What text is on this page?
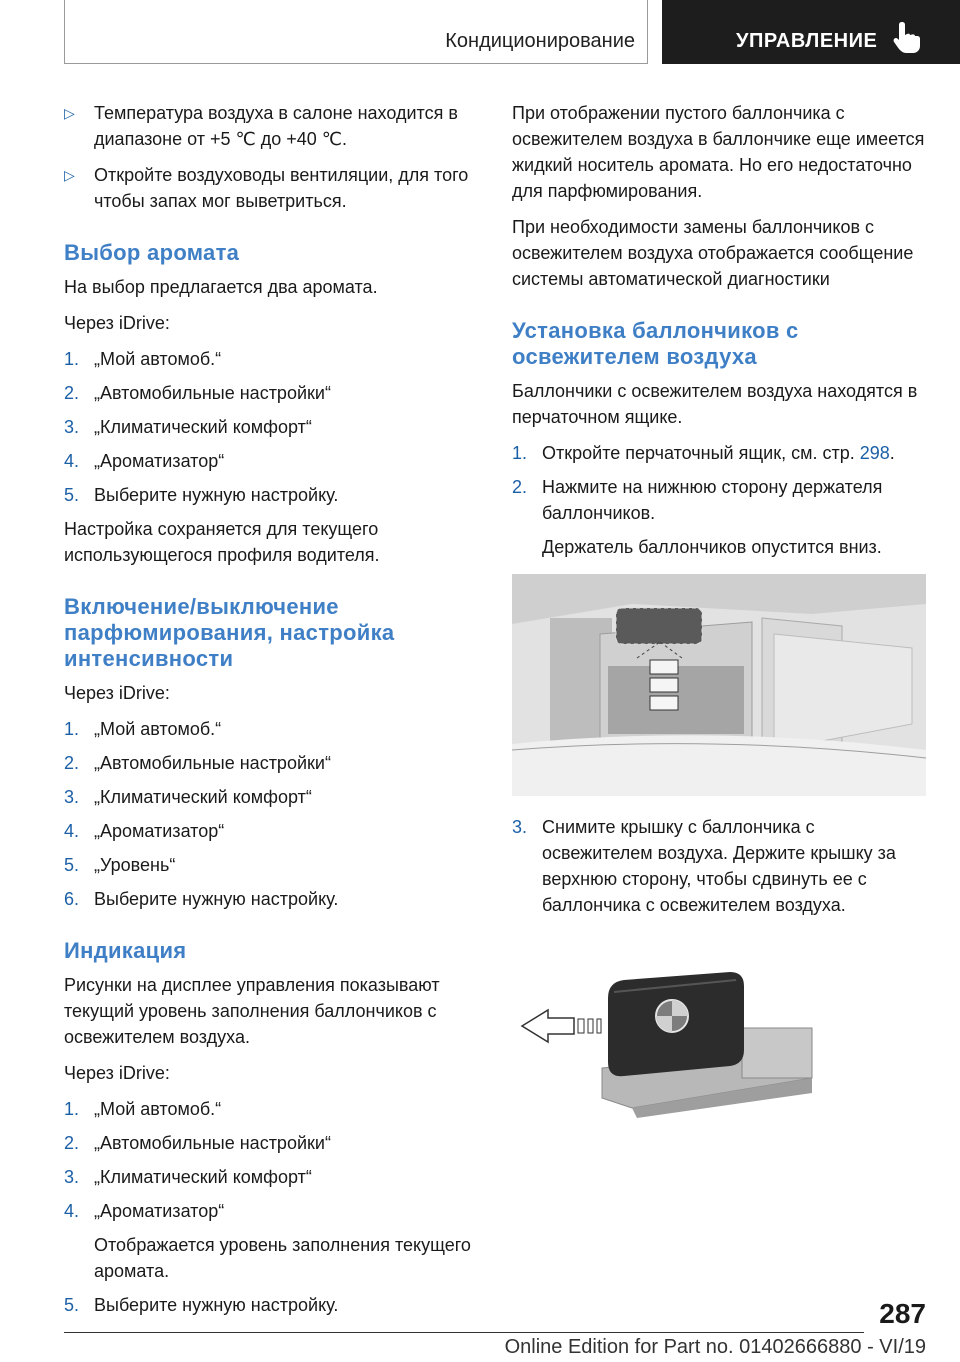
Кондиционирование	УПРАВЛЕНИЕ
▷ Температура воздуха в салоне находится в диапазоне от +5 ℃ до +40 ℃.
▷ Откройте воздуховоды вентиляции, для того чтобы запах мог выветриться.
Выбор аромата

На выбор предлагается два аромата.

Через iDrive:

1. „Мой автомоб.“
2. „Автомобильные настройки“
3. „Климатический комфорт“
4. „Ароматизатор“
5. Выберите нужную настройку.

Настройка сохраняется для текущего использующегося профиля водителя.

Включение/выключение парфюмирования, настройка интенсивности

Через iDrive:

1. „Мой автомоб.“
2. „Автомобильные настройки“
3. „Климатический комфорт“
4. „Ароматизатор“
5. „Уровень“
6. Выберите нужную настройку.
Индикация

Рисунки на дисплее управления показывают текущий уровень заполнения баллончиков с освежителем воздуха.

Через iDrive:

1. „Мой автомоб.“
2. „Автомобильные настройки“
3. „Климатический комфорт“
4. „Ароматизатор“
Отображается уровень заполнения текущего аромата.
5. Выберите нужную настройку.

При отображении пустого баллончика с освежителем воздуха в баллончике еще имеется жидкий носитель аромата. Но его недостаточно для парфюмирования.

При необходимости замены баллончиков с освежителем воздуха отображается сообщение системы автоматической диагностики

Установка баллончиков с освежителем воздуха

Баллончики с освежителем воздуха находятся в перчаточном ящике.

1. Откройте перчаточный ящик, см. стр. 298.
2. Нажмите на нижнюю сторону держателя баллончиков.
Держатель баллончиков опустится вниз.
3. Снимите крышку с баллончика с освежителем воздуха. Держите крышку за верхнюю сторону, чтобы сдвинуть ее с баллончика с освежителем воздуха.
287
Online Edition for Part no. 01402666880 - VI/19
